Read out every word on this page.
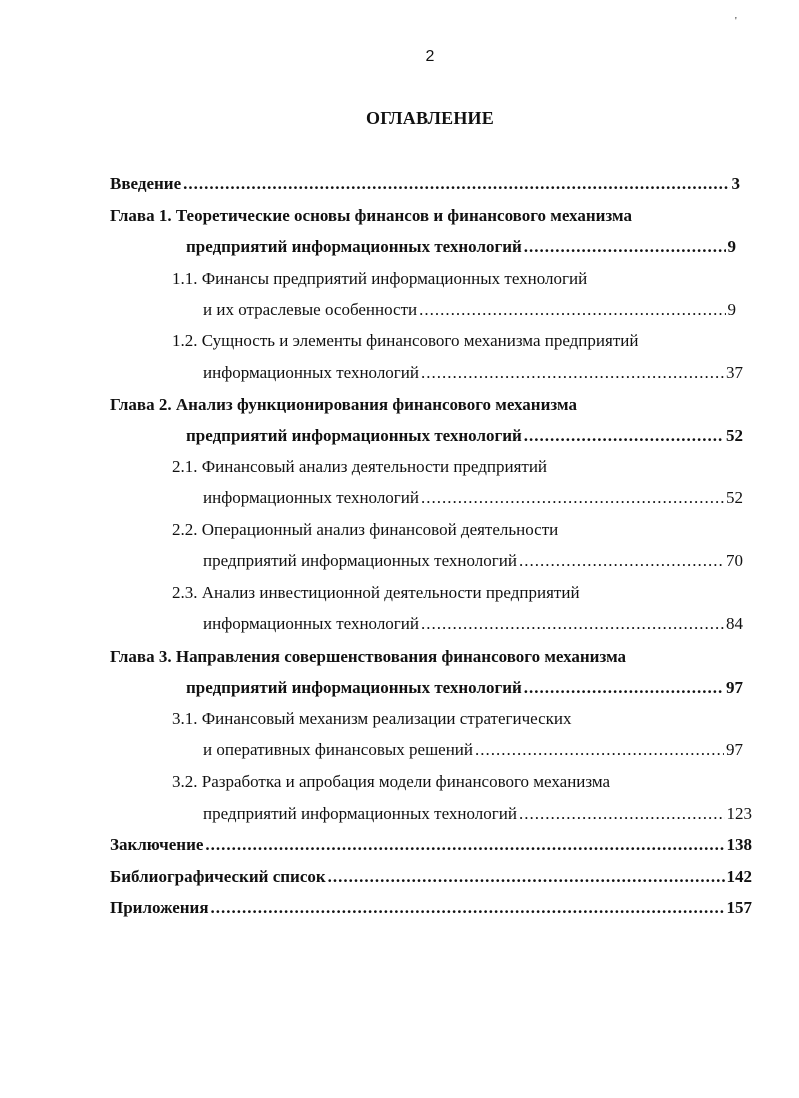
2
'
ОГЛАВЛЕНИЕ
Введение .....	3
Глава 1. Теоретические основы финансов и финансового механизма
предприятий информационных технологий .....	9
1.1. Финансы предприятий информационных технологий
и их отраслевые особенности .....	9
1.2. Сущность и элементы финансового механизма предприятий
информационных технологий .....	37
Глава 2. Анализ функционирования финансового механизма
предприятий информационных технологий .....	52
2.1. Финансовый анализ деятельности предприятий
информационных технологий .....	52
2.2. Операционный анализ финансовой деятельности
предприятий информационных технологий .....	70
2.3. Анализ инвестиционной деятельности предприятий
информационных технологий .....	84
Глава 3. Направления совершенствования финансового механизма
предприятий информационных технологий .....	97
3.1. Финансовый механизм реализации стратегических
и оперативных финансовых решений .....	97
3.2. Разработка и апробация модели финансового механизма
предприятий информационных технологий .....	123
Заключение .....	138
Библиографический список .....	142
Приложения .....	157
